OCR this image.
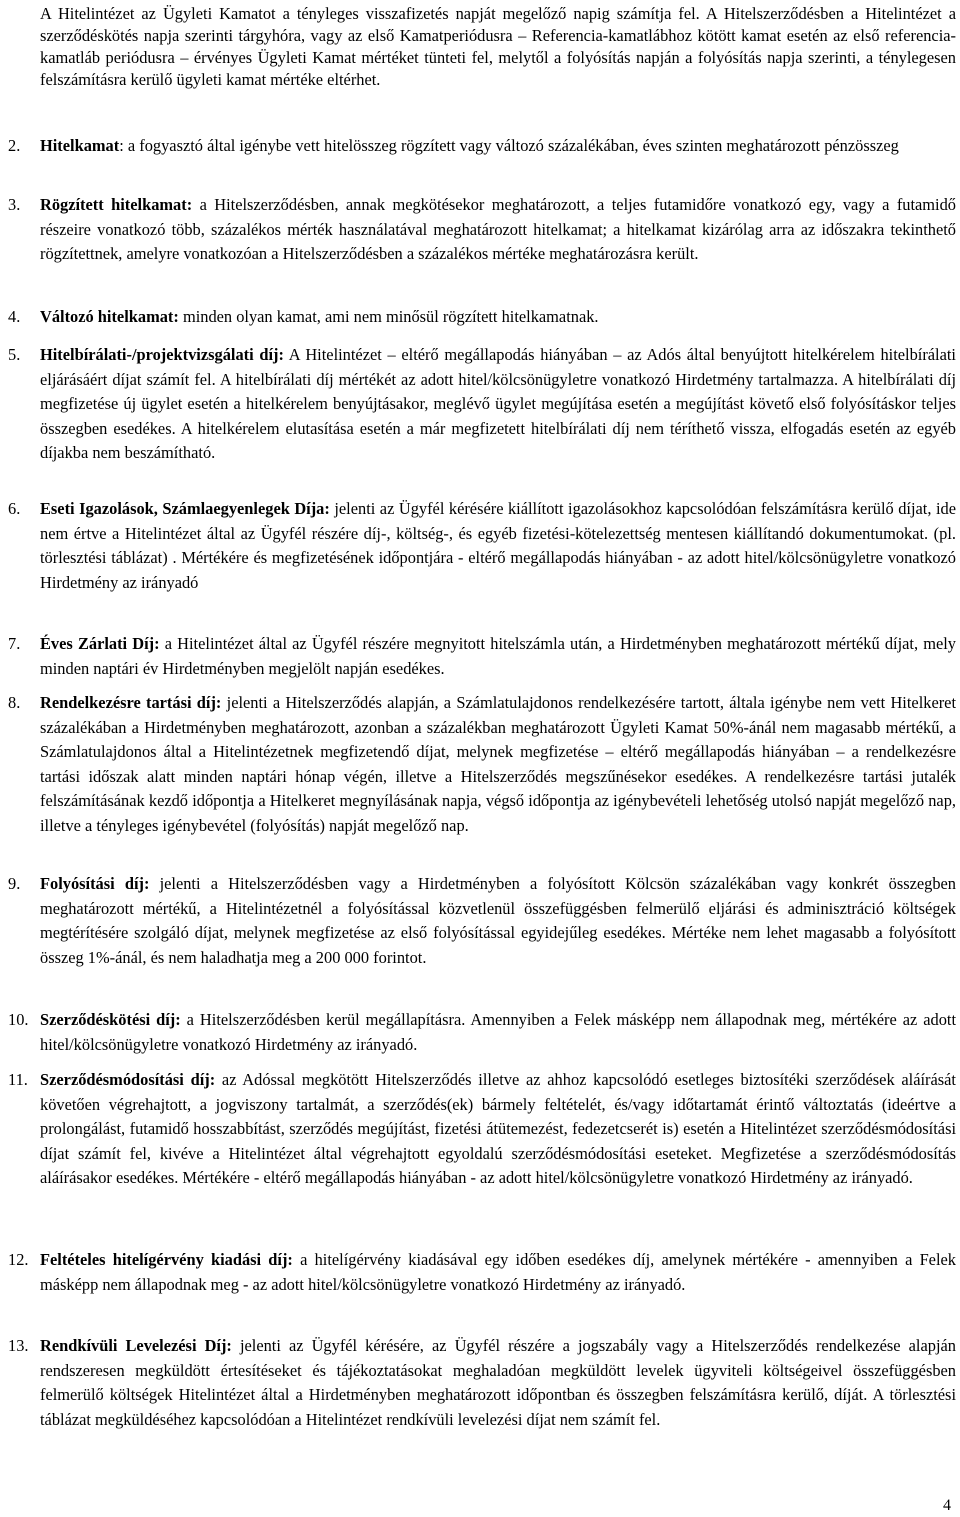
A Hitelintézet az Ügyleti Kamatot a tényleges visszafizetés napját megelőző napig számítja fel. A Hitelszerződésben a Hitelintézet a szerződéskötés napja szerinti tárgyhóra, vagy az első Kamatperiódusra – Referencia-kamatlábhoz kötött kamat esetén az első referencia-kamatláb periódusra – érvényes Ügyleti Kamat mértéket tünteti fel, melytől a folyósítás napján a folyósítás napja szerinti, a ténylegesen felszámításra kerülő ügyleti kamat mértéke eltérhet.

2. Hitelkamat: a fogyasztó által igénybe vett hitelösszeg rögzített vagy változó százalékában, éves szinten meghatározott pénzösszeg

3. Rögzített hitelkamat: a Hitelszerződésben, annak megkötésekor meghatározott, a teljes futamidőre vonatkozó egy, vagy a futamidő részeire vonatkozó több, százalékos mérték használatával meghatározott hitelkamat; a hitelkamat kizárólag arra az időszakra tekinthető rögzítettnek, amelyre vonatkozóan a Hitelszerződésben a százalékos mértéke meghatározásra került.

4. Változó hitelkamat: minden olyan kamat, ami nem minősül rögzített hitelkamatnak.

5. Hitelbírálati-/projektvizsgálati díj: A Hitelintézet – eltérő megállapodás hiányában – az Adós által benyújtott hitelkérelem hitelbírálati eljárásáért díjat számít fel. A hitelbírálati díj mértékét az adott hitel/kölcsönügyletre vonatkozó Hirdetmény tartalmazza. A hitelbírálati díj megfizetése új ügylet esetén a hitelkérelem benyújtásakor, meglévő ügylet megújítása esetén a megújítást követő első folyósításkor teljes összegben esedékes. A hitelkérelem elutasítása esetén a már megfizetett hitelbírálati díj nem téríthető vissza, elfogadás esetén az egyéb díjakba nem beszámítható.

6. Eseti Igazolások, Számlaegyenlegek Díja: jelenti az Ügyfél kérésére kiállított igazolásokhoz kapcsolódóan felszámításra kerülő díjat, ide nem értve a Hitelintézet által az Ügyfél részére díj-, költség-, és egyéb fizetési-kötelezettség mentesen kiállítandó dokumentumokat. (pl. törlesztési táblázat) . Mértékére és megfizetésének időpontjára - eltérő megállapodás hiányában - az adott hitel/kölcsönügyletre vonatkozó Hirdetmény az irányadó

7. Éves Zárlati Díj: a Hitelintézet által az Ügyfél részére megnyitott hitelszámla után, a Hirdetményben meghatározott mértékű díjat, mely minden naptári év Hirdetményben megjelölt napján esedékes.

8. Rendelkezésre tartási díj: jelenti a Hitelszerződés alapján, a Számlatulajdonos rendelkezésére tartott, általa igénybe nem vett Hitelkeret százalékában a Hirdetményben meghatározott, azonban a százalékban meghatározott Ügyleti Kamat 50%-ánál nem magasabb mértékű, a Számlatulajdonos által a Hitelintézetnek megfizetendő díjat, melynek megfizetése – eltérő megállapodás hiányában – a rendelkezésre tartási időszak alatt minden naptári hónap végén, illetve a Hitelszerződés megszűnésekor esedékes. A rendelkezésre tartási jutalék felszámításának kezdő időpontja a Hitelkeret megnyílásának napja, végső időpontja az igénybevételi lehetőség utolsó napját megelőző nap, illetve a tényleges igénybevétel (folyósítás) napját megelőző nap.

9. Folyósítási díj: jelenti a Hitelszerződésben vagy a Hirdetményben a folyósított Kölcsön százalékában vagy konkrét összegben meghatározott mértékű, a Hitelintézetnél a folyósítással közvetlenül összefüggésben felmerülő eljárási és adminisztráció költségek megtérítésére szolgáló díjat, melynek megfizetése az első folyósítással egyidejűleg esedékes. Mértéke nem lehet magasabb a folyósított összeg 1%-ánál, és nem haladhatja meg a 200 000 forintot.

10. Szerződéskötési díj: a Hitelszerződésben kerül megállapításra. Amennyiben a Felek másképp nem állapodnak meg, mértékére az adott hitel/kölcsönügyletre vonatkozó Hirdetmény az irányadó.

11. Szerződésmódosítási díj: az Adóssal megkötött Hitelszerződés illetve az ahhoz kapcsolódó esetleges biztosítéki szerződések aláírását követően végrehajtott, a jogviszony tartalmát, a szerződés(ek) bármely feltételét, és/vagy időtartamát érintő változtatás (ideértve a prolongálást, futamidő hosszabbítást, szerződés megújítást, fizetési átütemezést, fedezetcserét is) esetén a Hitelintézet szerződésmódosítási díjat számít fel, kivéve a Hitelintézet által végrehajtott egyoldalú szerződésmódosítási eseteket. Megfizetése a szerződésmódosítás aláírásakor esedékes. Mértékére - eltérő megállapodás hiányában - az adott hitel/kölcsönügyletre vonatkozó Hirdetmény az irányadó.

12. Feltételes hitelígérvény kiadási díj: a hitelígérvény kiadásával egy időben esedékes díj, amelynek mértékére - amennyiben a Felek másképp nem állapodnak meg - az adott hitel/kölcsönügyletre vonatkozó Hirdetmény az irányadó.

13. Rendkívüli Levelezési Díj: jelenti az Ügyfél kérésére, az Ügyfél részére a jogszabály vagy a Hitelszerződés rendelkezése alapján rendszeresen megküldött értesítéseket és tájékoztatásokat meghaladóan megküldött levelek ügyviteli költségeivel összefüggésben felmerülő költségek Hitelintézet által a Hirdetményben meghatározott időpontban és összegben felszámításra kerülő, díját. A törlesztési táblázat megküldéséhez kapcsolódóan a Hitelintézet rendkívüli levelezési díjat nem számít fel.

4
